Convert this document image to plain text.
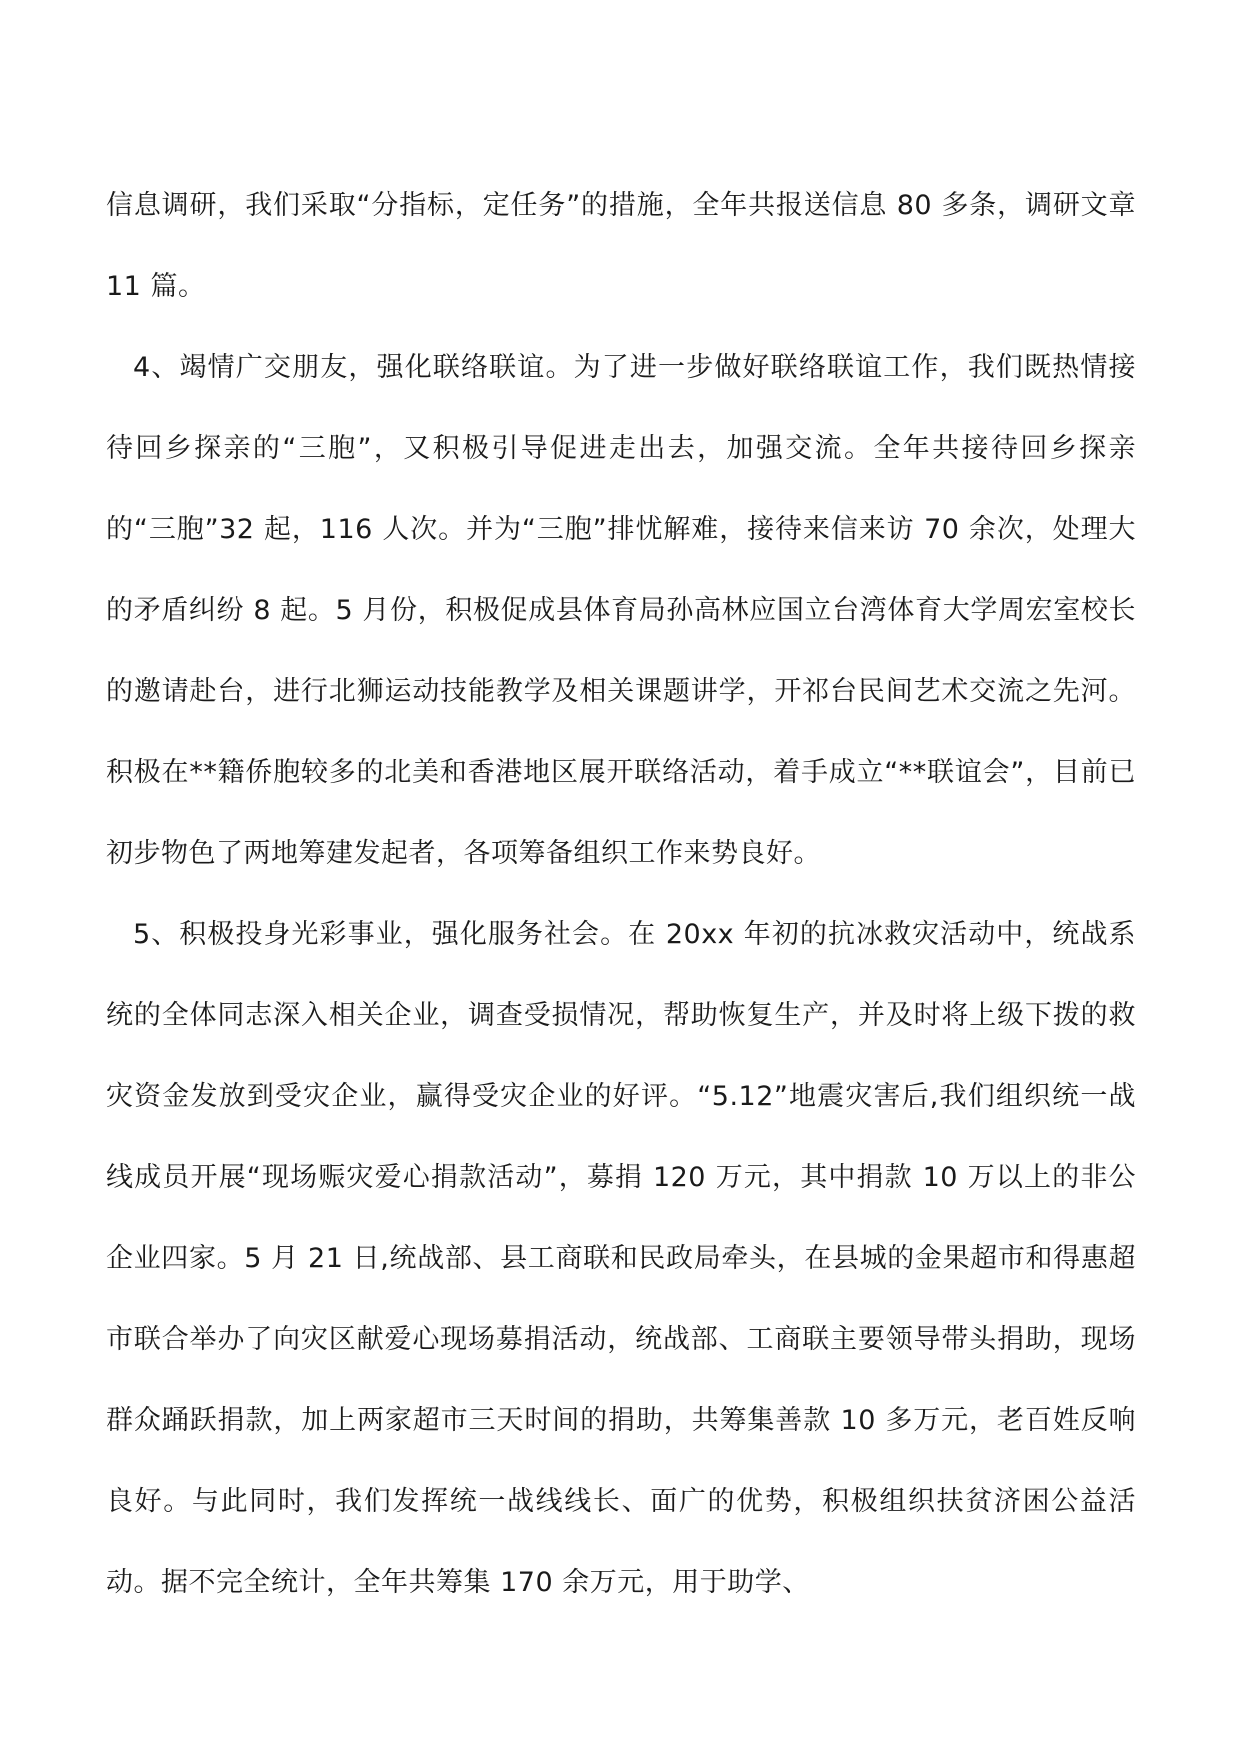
信息调研，我们采取“分指标，定任务”的措施，全年共报送信息 80 多条，调研文章 11 篇。

4、竭情广交朋友，强化联络联谊。为了进一步做好联络联谊工作，我们既热情接待回乡探亲的“三胞”，又积极引导促进走出去，加强交流。全年共接待回乡探亲的“三胞”32 起，116 人次。并为“三胞”排忧解难，接待来信来访 70 余次，处理大的矛盾纠纷 8 起。5 月份，积极促成县体育局孙高林应国立台湾体育大学周宏室校长的邀请赴台，进行北狮运动技能教学及相关课题讲学，开祁台民间艺术交流之先河。积极在**籍侨胞较多的北美和香港地区展开联络活动，着手成立“**联谊会”，目前已初步物色了两地筹建发起者，各项筹备组织工作来势良好。

5、积极投身光彩事业，强化服务社会。在 20xx 年初的抗冰救灾活动中，统战系统的全体同志深入相关企业，调查受损情况，帮助恢复生产，并及时将上级下拨的救灾资金发放到受灾企业，赢得受灾企业的好评。“5.12”地震灾害后,我们组织统一战线成员开展“现场赈灾爱心捐款活动”，募捐 120 万元，其中捐款 10 万以上的非公企业四家。5 月 21 日,统战部、县工商联和民政局牵头，在县城的金果超市和得惠超市联合举办了向灾区献爱心现场募捐活动，统战部、工商联主要领导带头捐助，现场群众踊跃捐款，加上两家超市三天时间的捐助，共筹集善款 10 多万元，老百姓反响良好。与此同时，我们发挥统一战线线长、面广的优势，积极组织扶贫济困公益活动。据不完全统计，全年共筹集 170 余万元，用于助学、
